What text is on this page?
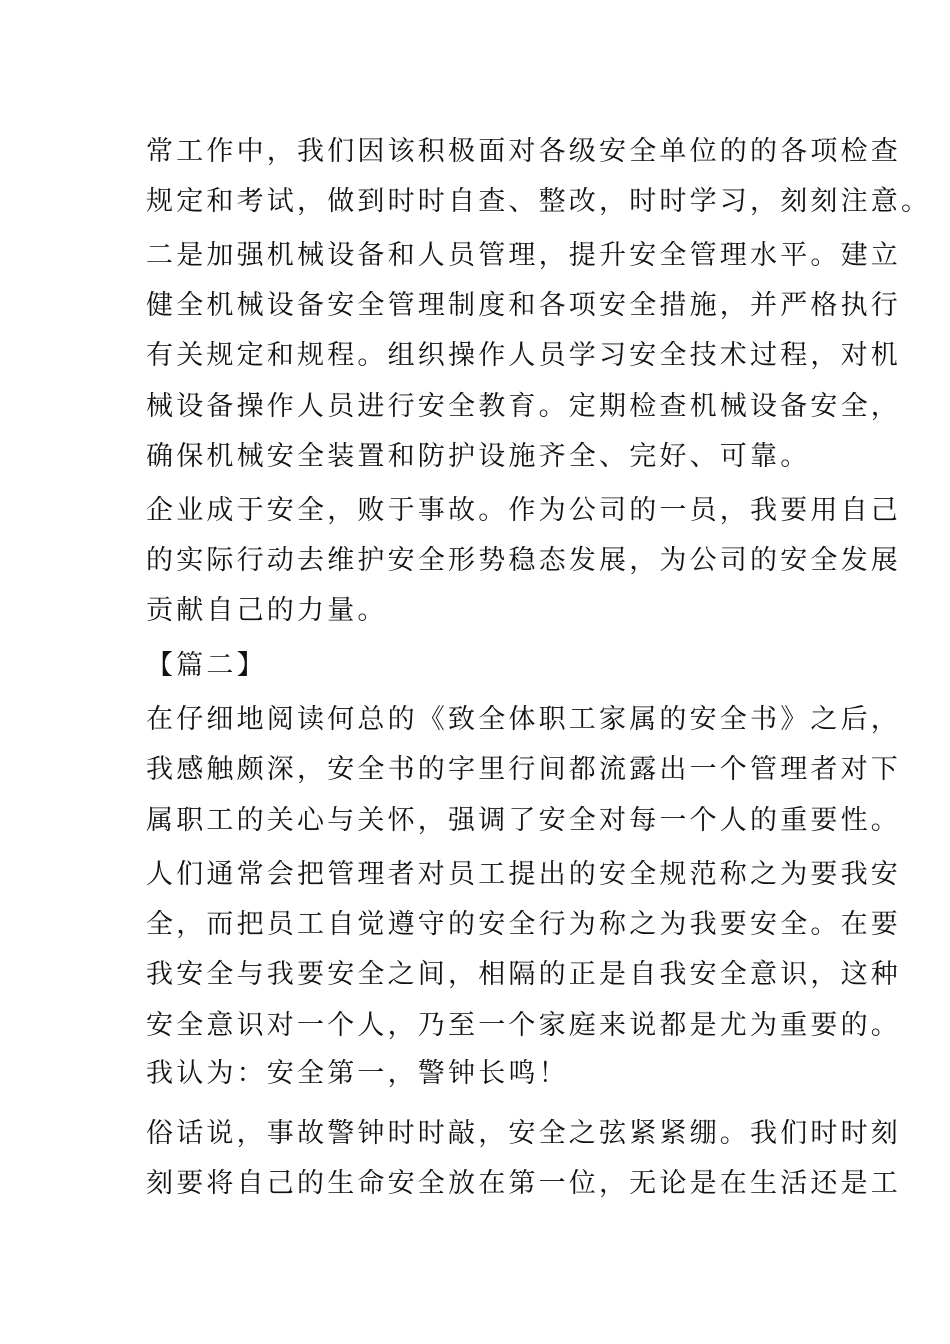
常工作中，我们因该积极面对各级安全单位的的各项检查
规定和考试，做到时时自查、整改，时时学习，刻刻注意。
二是加强机械设备和人员管理，提升安全管理水平。建立
健全机械设备安全管理制度和各项安全措施，并严格执行
有关规定和规程。组织操作人员学习安全技术过程，对机
械设备操作人员进行安全教育。定期检查机械设备安全，
确保机械安全装置和防护设施齐全、完好、可靠。
企业成于安全，败于事故。作为公司的一员，我要用自己
的实际行动去维护安全形势稳态发展，为公司的安全发展
贡献自己的力量。
【篇二】
在仔细地阅读何总的《致全体职工家属的安全书》之后，
我感触颇深，安全书的字里行间都流露出一个管理者对下
属职工的关心与关怀，强调了安全对每一个人的重要性。
人们通常会把管理者对员工提出的安全规范称之为要我安
全，而把员工自觉遵守的安全行为称之为我要安全。在要
我安全与我要安全之间，相隔的正是自我安全意识，这种
安全意识对一个人，乃至一个家庭来说都是尤为重要的。
我认为：安全第一，警钟长鸣！
俗话说，事故警钟时时敲，安全之弦紧紧绷。我们时时刻
刻要将自己的生命安全放在第一位，无论是在生活还是工
